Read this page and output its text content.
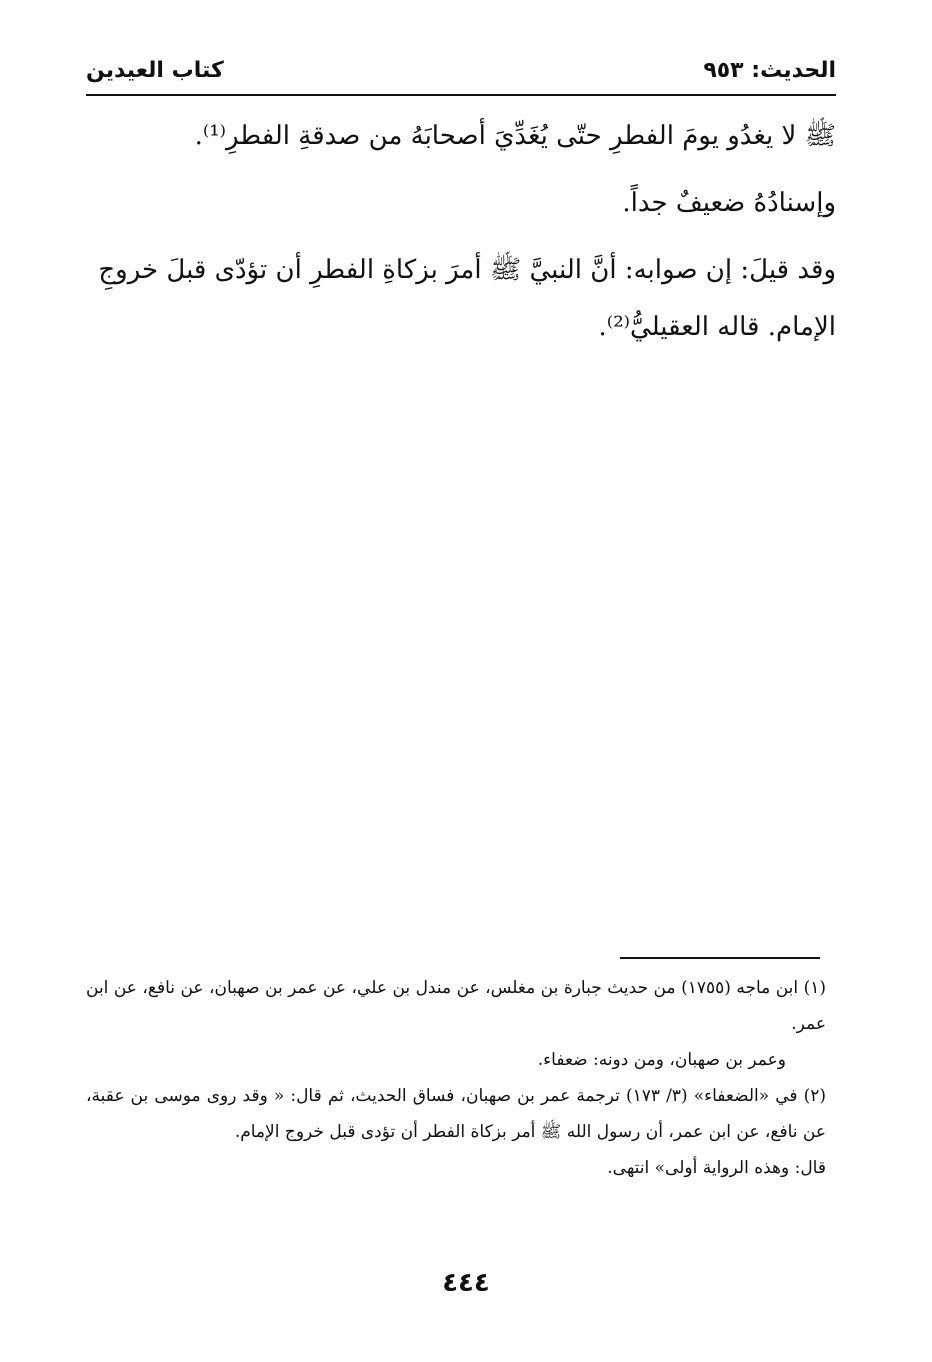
الحديث: ٩٥٣
كتاب العيدين

ﷺ لا يغدُو يومَ الفطرِ حتّى يُغَدِّيَ أصحابَهُ من صدقةِ الفطرِ⁽¹⁾.

وإسنادُهُ ضعيفٌ جداً.

وقد قيلَ: إن صوابه: أنَّ النبيَّ ﷺ أمرَ بزكاةِ الفطرِ أن تؤدّى قبلَ خروجِ الإمام. قاله العقيليُّ⁽²⁾.

(١) ابن ماجه (١٧٥٥) من حديث جبارة بن مغلس، عن مندل بن علي، عن عمر بن صهبان، عن نافع، عن ابن عمر.

وعمر بن صهبان، ومن دونه: ضعفاء.

(٢) في «الضعفاء» (٣/ ١٧٣) ترجمة عمر بن صهبان، فساق الحديث، ثم قال: « وقد روى موسى بن عقبة، عن نافع، عن ابن عمر، أن رسول الله ﷺ أمر بزكاة الفطر أن تؤدى قبل خروج الإمام.

قال: وهذه الرواية أولى» انتهى.

٤٤٤
